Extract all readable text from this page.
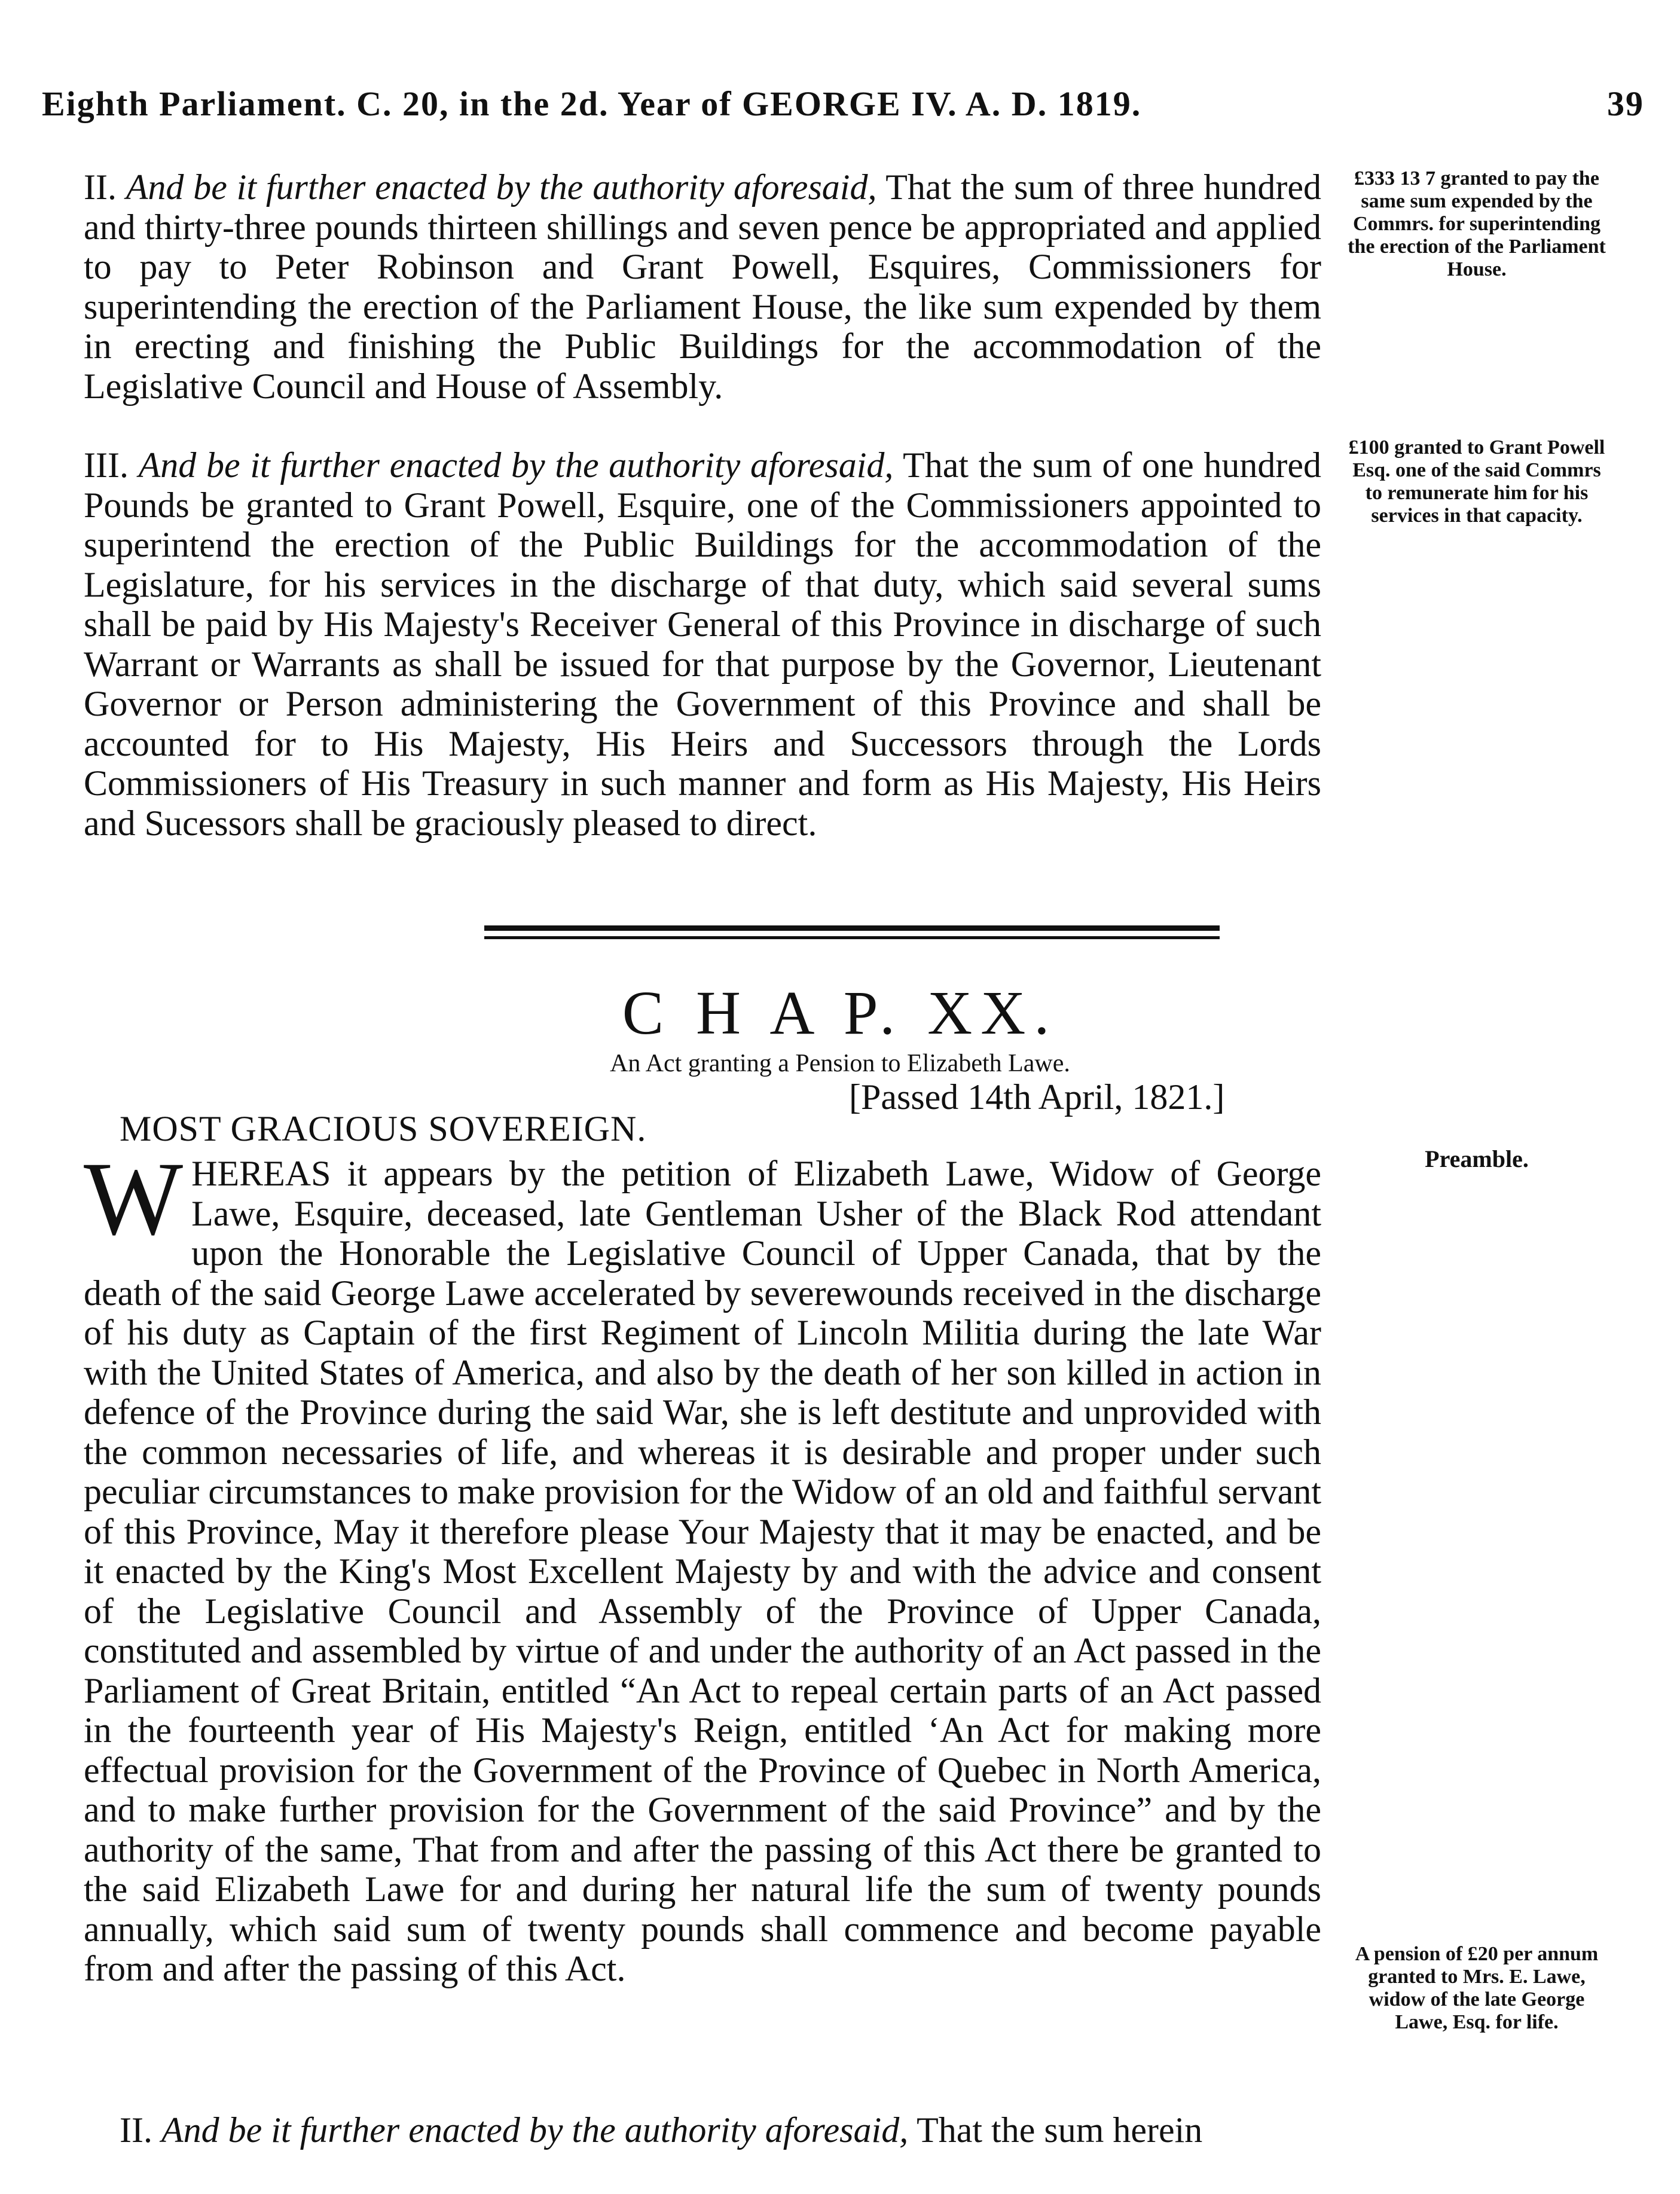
Eighth Parliament. C. 20, in the 2d. Year of GEORGE IV. A. D. 1819.	39

II. And be it further enacted by the authority aforesaid, That the sum of three hundred and thirty-three pounds thirteen shillings and seven pence be appropriated and applied to pay to Peter Robinson and Grant Powell, Esquires, Commissioners for superintending the erection of the Parliament House, the like sum expended by them in erecting and finishing the Public Buildings for the accommodation of the Legislative Council and House of Assembly.

III. And be it further enacted by the authority aforesaid, That the sum of one hundred Pounds be granted to Grant Powell, Esquire, one of the Commissioners appointed to superintend the erection of the Public Buildings for the accommodation of the Legislature, for his services in the discharge of that duty, which said several sums shall be paid by His Majesty's Receiver General of this Province in discharge of such Warrant or Warrants as shall be issued for that purpose by the Governor, Lieutenant Governor or Person administering the Government of this Province and shall be accounted for to His Majesty, His Heirs and Successors through the Lords Commissioners of His Treasury in such manner and form as His Majesty, His Heirs and Sucessors shall be graciously pleased to direct.

£333 13 7 granted to pay the same sum expended by the Commrs. for superintending the erection of the Parliament House.
£100 granted to Grant Powell Esq. one of the said Commrs to remunerate him for his services in that capacity.
Preamble.
A pension of £20 per annum granted to Mrs. E. Lawe, widow of the late George Lawe, Esq. for life.
C H A P. XX.
An Act granting a Pension to Elizabeth Lawe.
[Passed 14th April, 1821.]
MOST GRACIOUS SOVEREIGN.

WHEREAS it appears by the petition of Elizabeth Lawe, Widow of George Lawe, Esquire, deceased, late Gentleman Usher of the Black Rod attendant upon the Honorable the Legislative Council of Upper Canada, that by the death of the said George Lawe accelerated by severewounds received in the discharge of his duty as Captain of the first Regiment of Lincoln Militia during the late War with the United States of America, and also by the death of her son killed in action in defence of the Province during the said War, she is left destitute and unprovided with the common necessaries of life, and whereas it is desirable and proper under such peculiar circumstances to make provision for the Widow of an old and faithful servant of this Province, May it therefore please Your Majesty that it may be enacted, and be it enacted by the King's Most Excellent Majesty by and with the advice and consent of the Legislative Council and Assembly of the Province of Upper Canada, constituted and assembled by virtue of and under the authority of an Act passed in the Parliament of Great Britain, entitled “An Act to repeal certain parts of an Act passed in the fourteenth year of His Majesty's Reign, entitled ‘An Act for making more effectual provision for the Government of the Province of Quebec in North America, and to make further provision for the Government of the said Province” and by the authority of the same, That from and after the passing of this Act there be granted to the said Elizabeth Lawe for and during her natural life the sum of twenty pounds annually, which said sum of twenty pounds shall commence and become payable from and after the passing of this Act.

II. And be it further enacted by the authority aforesaid, That the sum herein
